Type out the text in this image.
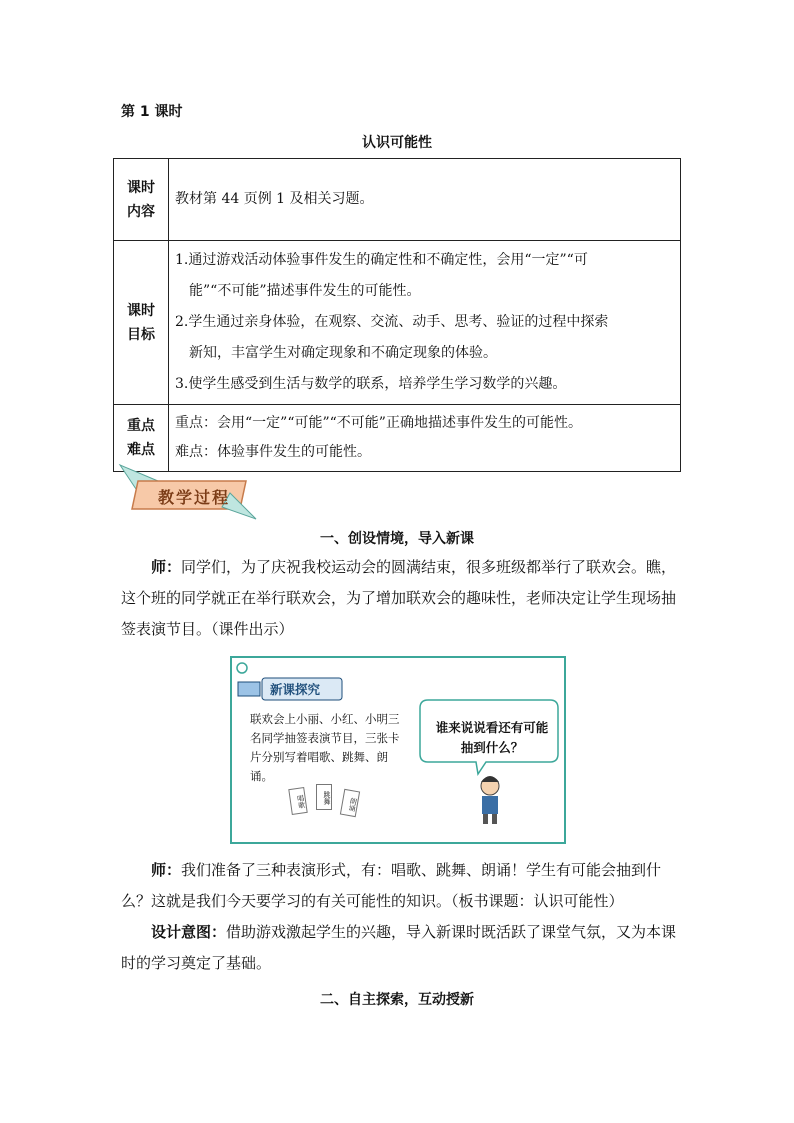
第 1 课时
认识可能性
课时内容	教材第 44 页例 1 及相关习题。
课时目标	1.通过游戏活动体验事件发生的确定性和不确定性，会用“一定”“可
能”“不可能”描述事件发生的可能性。
2.学生通过亲身体验，在观察、交流、动手、思考、验证的过程中探索
新知，丰富学生对确定现象和不确定现象的体验。
3.使学生感受到生活与数学的联系，培养学生学习数学的兴趣。

重点难点	重点：会用“一定”“可能”“不可能”正确地描述事件发生的可能性。
难点：体验事件发生的可能性。
教学过程
一、创设情境，导入新课
师：同学们，为了庆祝我校运动会的圆满结束，很多班级都举行了联欢会。瞧，这个班的同学就正在举行联欢会，为了增加联欢会的趣味性，老师决定让学生现场抽签表演节目。（课件出示）
新课探究
联欢会上小丽、小红、小明三名同学抽签表演节目，三张卡片分别写着唱歌、跳舞、朗诵。
谁来说说看还有可能抽到什么？
唱歌	跳舞	朗诵
师：我们准备了三种表演形式，有：唱歌、跳舞、朗诵！学生有可能会抽到什么？这就是我们今天要学习的有关可能性的知识。（板书课题：认识可能性）
设计意图：借助游戏激起学生的兴趣，导入新课时既活跃了课堂气氛，又为本课时的学习奠定了基础。
二、自主探索，互动授新
